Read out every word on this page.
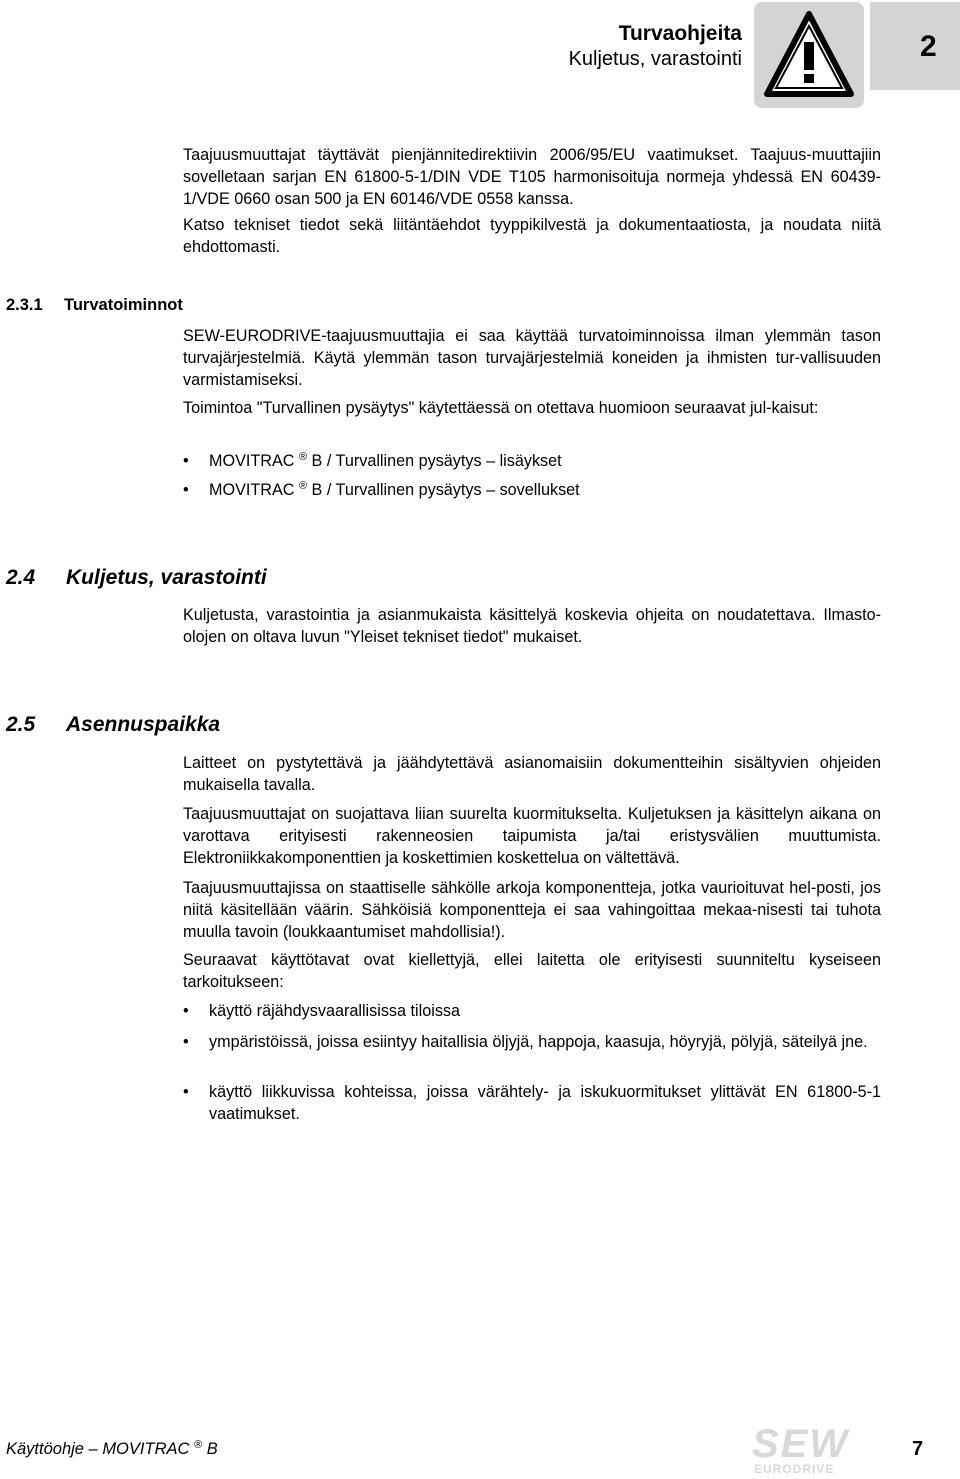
Turvaohjeita
Kuljetus, varastointi	2
Taajuusmuuttajat täyttävät pienjännitedirektiivin 2006/95/EU vaatimukset. Taajuus-muuttajiin sovelletaan sarjan EN 61800-5-1/DIN VDE T105 harmonisoituja normeja yhdessä EN 60439-1/VDE 0660 osan 500 ja EN 60146/VDE 0558 kanssa.
Katso tekniset tiedot sekä liitäntäehdot tyyppikilvestä ja dokumentaatiosta, ja noudata niitä ehdottomasti.
2.3.1 Turvatoiminnot
SEW-EURODRIVE-taajuusmuuttajia ei saa käyttää turvatoiminnoissa ilman ylemmän tason turvajärjestelmiä. Käytä ylemmän tason turvajärjestelmiä koneiden ja ihmisten tur-vallisuuden varmistamiseksi.
Toimintoa "Turvallinen pysäytys" käytettäessä on otettava huomioon seuraavat jul-kaisut:
• MOVITRAC ® B / Turvallinen pysäytys – lisäykset
• MOVITRAC ® B / Turvallinen pysäytys – sovellukset
2.4 Kuljetus, varastointi
Kuljetusta, varastointia ja asianmukaista käsittelyä koskevia ohjeita on noudatettava. Ilmasto-olojen on oltava luvun "Yleiset tekniset tiedot" mukaiset.
2.5 Asennuspaikka
Laitteet on pystytettävä ja jäähdytettävä asianomaisiin dokumentteihin sisältyvien ohjeiden mukaisella tavalla.
Taajuusmuuttajat on suojattava liian suurelta kuormitukselta. Kuljetuksen ja käsittelyn aikana on varottava erityisesti rakenneosien taipumista ja/tai eristysvälien muuttumista. Elektroniikkakomponenttien ja koskettimien kosketteluа on vältettävä.
Taajuusmuuttajissa on staattiselle sähkölle arkoja komponentteja, jotka vaurioituvat hel-posti, jos niitä käsitellään väärin. Sähköisiä komponentteja ei saa vahingoittaa mekaa-nisesti tai tuhota muulla tavoin (loukkaantumiset mahdollisia!).
Seuraavat käyttötavat ovat kiellettyjä, ellei laitetta ole erityisesti suunniteltu kyseiseen tarkoitukseen:
• käyttö räjähdysvaarallisissa tiloissa
• ympäristöissä, joissa esiintyy haitallisia öljyjä, happoja, kaasuja, höyryjä, pölyjä, säteilyä jne.
• käyttö liikkuvissa kohteissa, joissa värähtely- ja iskukuormitukset ylittävät EN 61800-5-1 vaatimukset.
Käyttöohje – MOVITRAC ® B	SEW
EURODRIVE
7
